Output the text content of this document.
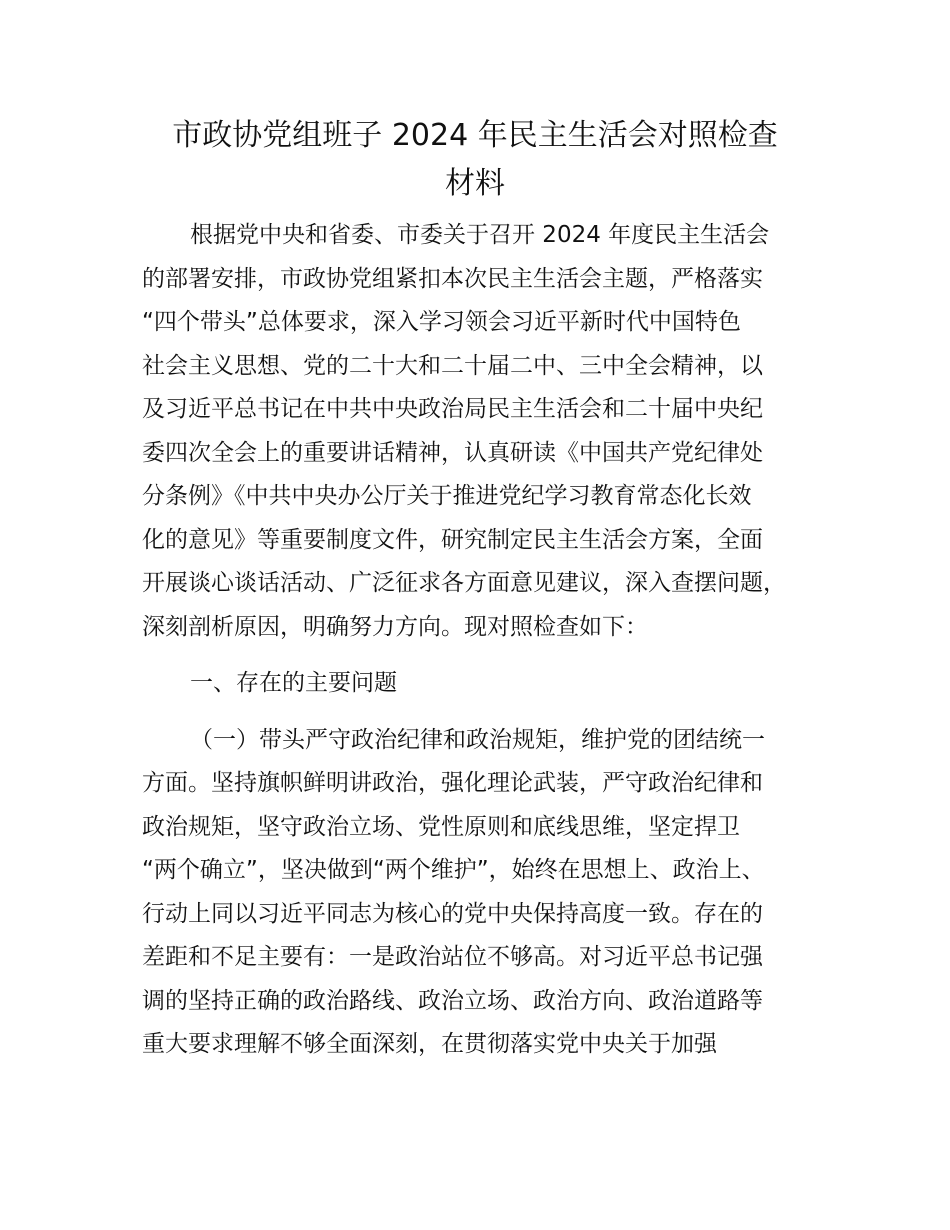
市政协党组班子 2024 年民主生活会对照检查
材料
根据党中央和省委、市委关于召开 2024 年度民主生活会
的部署安排，市政协党组紧扣本次民主生活会主题，严格落实
“四个带头”总体要求，深入学习领会习近平新时代中国特色
社会主义思想、党的二十大和二十届二中、三中全会精神，以
及习近平总书记在中共中央政治局民主生活会和二十届中央纪
委四次全会上的重要讲话精神，认真研读《中国共产党纪律处
分条例》《中共中央办公厅关于推进党纪学习教育常态化长效
化的意见》等重要制度文件，研究制定民主生活会方案，全面
开展谈心谈话活动、广泛征求各方面意见建议，深入查摆问题，
深刻剖析原因，明确努力方向。现对照检查如下：
一、存在的主要问题
（一）带头严守政治纪律和政治规矩，维护党的团结统一
方面。坚持旗帜鲜明讲政治，强化理论武装，严守政治纪律和
政治规矩，坚守政治立场、党性原则和底线思维，坚定捍卫
“两个确立”，坚决做到“两个维护”，始终在思想上、政治上、
行动上同以习近平同志为核心的党中央保持高度一致。存在的
差距和不足主要有：一是政治站位不够高。对习近平总书记强
调的坚持正确的政治路线、政治立场、政治方向、政治道路等
重大要求理解不够全面深刻，在贯彻落实党中央关于加强
